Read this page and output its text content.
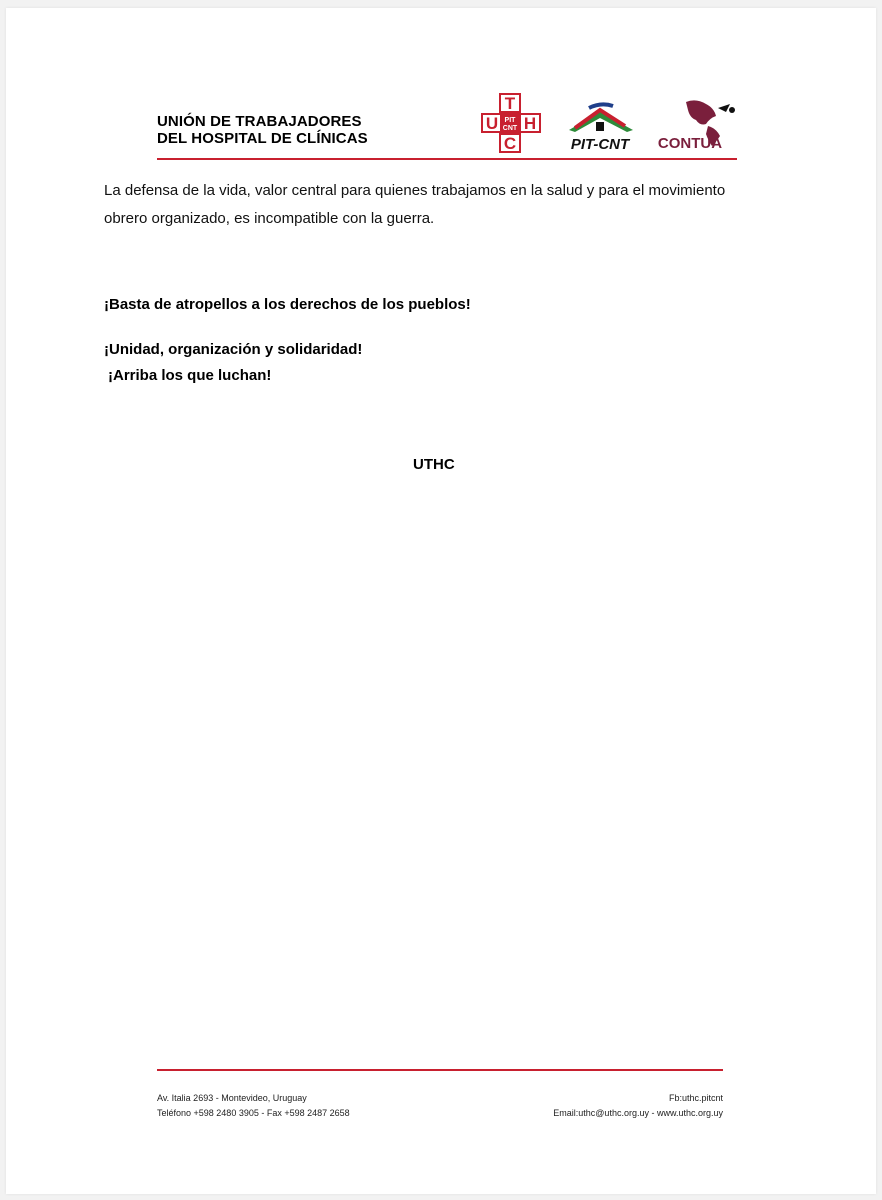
UNIÓN DE TRABAJADORES
DEL HOSPITAL DE CLÍNICAS
T
U H
C
PIT
CNT
PIT-CNT CONTUA
La defensa de la vida, valor central para quienes trabajamos en la salud y para el movimiento obrero organizado, es incompatible con la guerra.
¡Basta de atropellos a los derechos de los pueblos!
¡Unidad, organización y solidaridad!
¡Arriba los que luchan!
UTHC
Av. Italia 2693 - Montevideo, Uruguay
Teléfono +598 2480 3905 - Fax +598 2487 2658
Fb:uthc.pitcnt
Email:uthc@uthc.org.uy - www.uthc.org.uy
